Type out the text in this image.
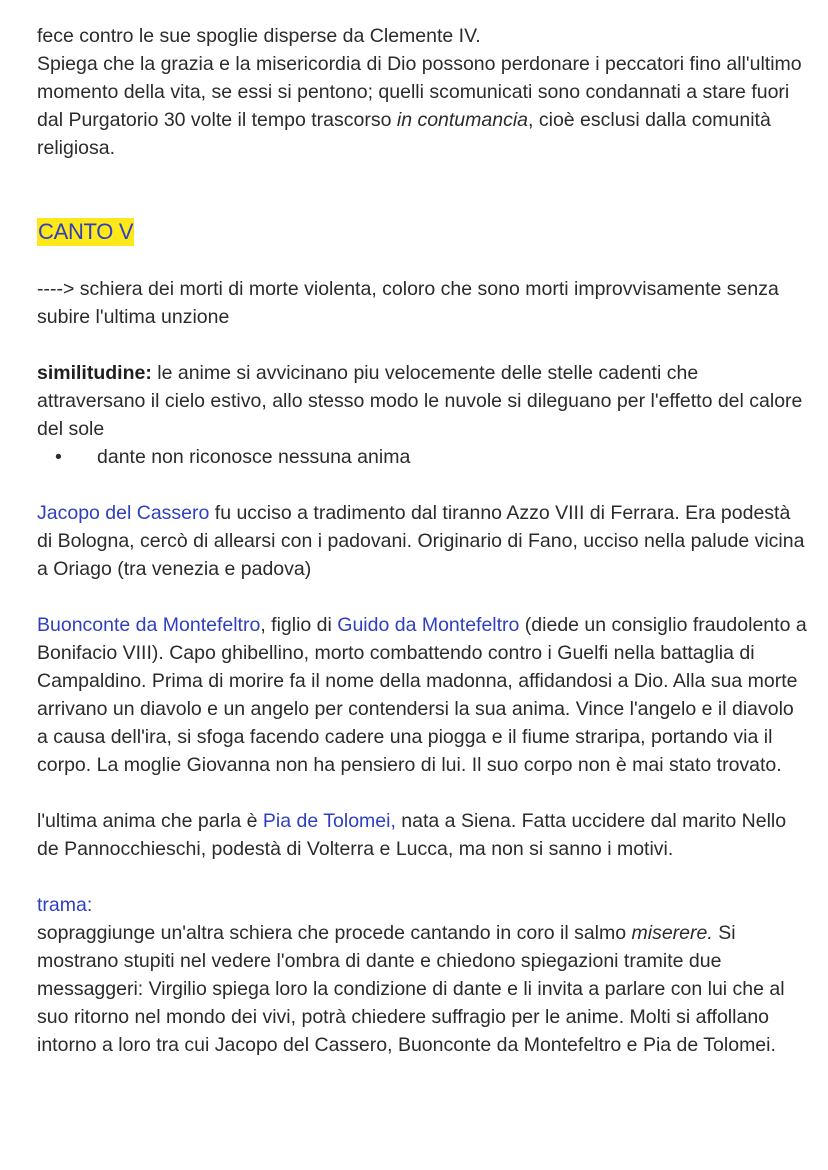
fece contro le sue spoglie disperse da Clemente IV.

Spiega che la grazia e la misericordia di Dio possono perdonare i peccatori fino all'ultimo momento della vita, se essi si pentono; quelli scomunicati sono condannati a stare fuori dal Purgatorio 30 volte il tempo trascorso in contumancia, cioè esclusi dalla comunità religiosa.

CANTO V

----> schiera dei morti di morte violenta, coloro che sono morti improvvisamente senza subire l'ultima unzione

similitudine: le anime si avvicinano piu velocemente delle stelle cadenti che attraversano il cielo estivo, allo stesso modo le nuvole si dileguano per l'effetto del calore del sole

• dante non riconosce nessuna anima

Jacopo del Cassero fu ucciso a tradimento dal tiranno Azzo VIII di Ferrara. Era podestà di Bologna, cercò di allearsi con i padovani. Originario di Fano, ucciso nella palude vicina a Oriago (tra venezia e padova)

Buonconte da Montefeltro, figlio di Guido da Montefeltro (diede un consiglio fraudolento a Bonifacio VIII). Capo ghibellino, morto combattendo contro i Guelfi nella battaglia di Campaldino. Prima di morire fa il nome della madonna, affidandosi a Dio. Alla sua morte arrivano un diavolo e un angelo per contendersi la sua anima. Vince l'angelo e il diavolo a causa dell'ira, si sfoga facendo cadere una piogga e il fiume straripa, portando via il corpo. La moglie Giovanna non ha pensiero di lui. Il suo corpo non è mai stato trovato.

l'ultima anima che parla è Pia de Tolomei, nata a Siena. Fatta uccidere dal marito Nello de Pannocchieschi, podestà di Volterra e Lucca, ma non si sanno i motivi.

trama:

sopraggiunge un'altra schiera che procede cantando in coro il salmo miserere. Si mostrano stupiti nel vedere l'ombra di dante e chiedono spiegazioni tramite due messaggeri: Virgilio spiega loro la condizione di dante e li invita a parlare con lui che al suo ritorno nel mondo dei vivi, potrà chiedere suffragio per le anime. Molti si affollano intorno a loro tra cui Jacopo del Cassero, Buonconte da Montefeltro e Pia de Tolomei.
